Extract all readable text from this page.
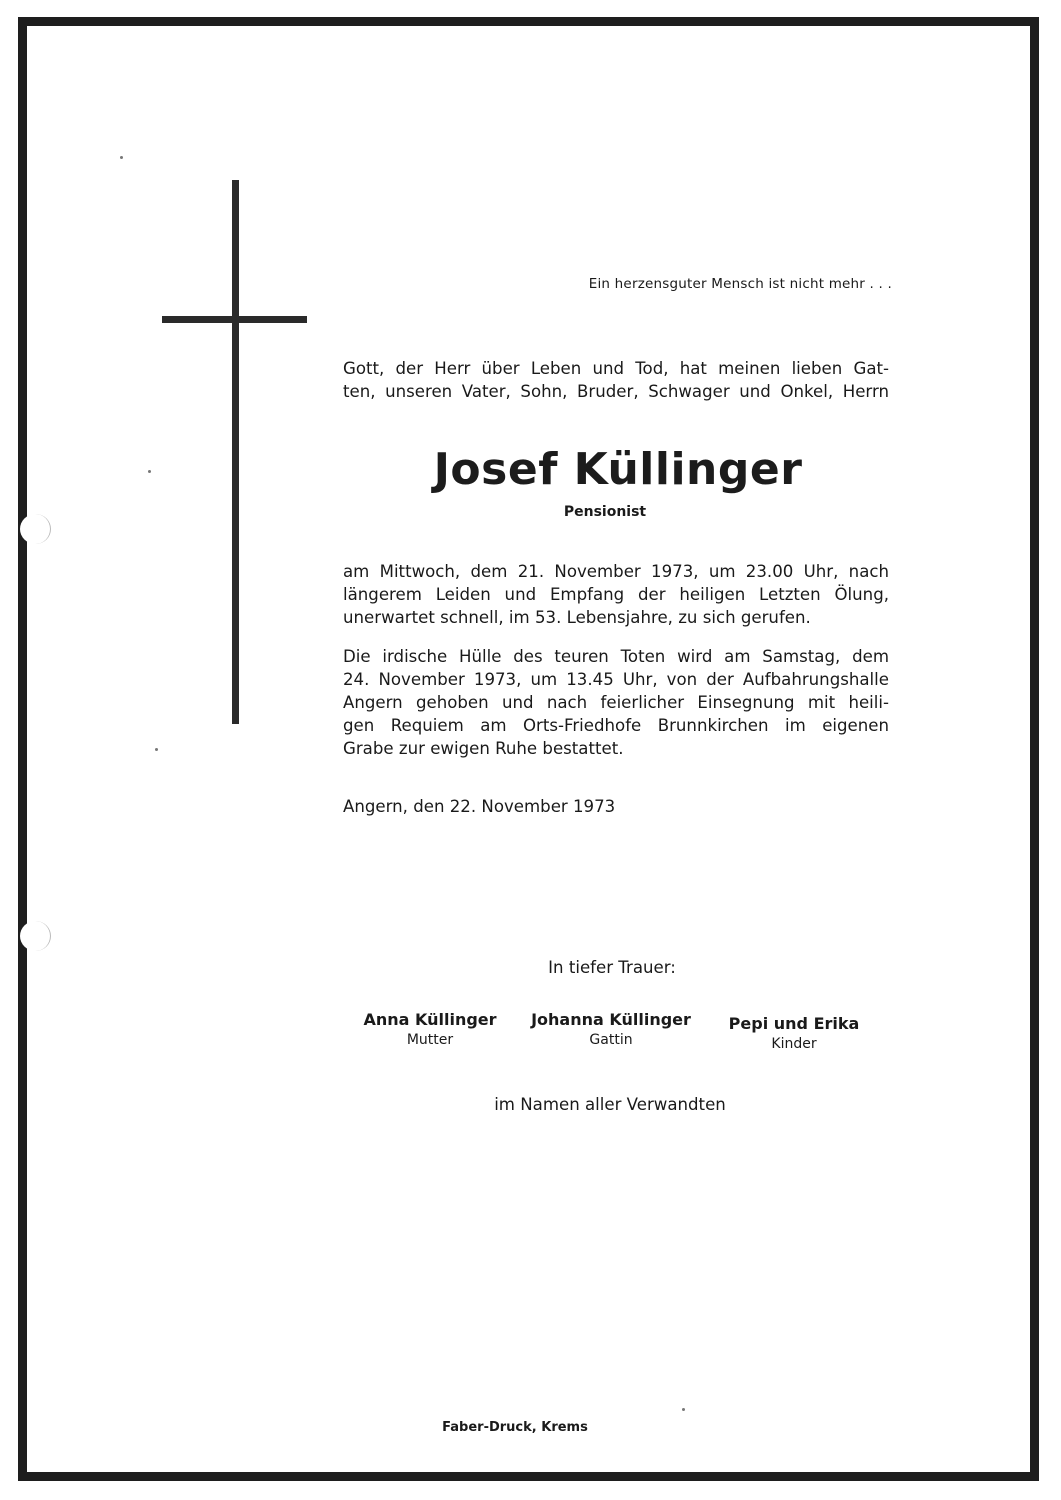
Ein herzensguter Mensch ist nicht mehr . . .

Gott, der Herr über Leben und Tod, hat meinen lieben Gat-

ten, unseren Vater, Sohn, Bruder, Schwager und Onkel, Herrn

Josef Küllinger
Pensionist

am Mittwoch, dem 21. November 1973, um 23.00 Uhr, nach

längerem Leiden und Empfang der heiligen Letzten Ölung,

unerwartet schnell, im 53. Lebensjahre, zu sich gerufen.

Die irdische Hülle des teuren Toten wird am Samstag, dem

24. November 1973, um 13.45 Uhr, von der Aufbahrungshalle

Angern gehoben und nach feierlicher Einsegnung mit heili-

gen Requiem am Orts-Friedhofe Brunnkirchen im eigenen

Grabe zur ewigen Ruhe bestattet.

Angern, den 22. November 1973
In tiefer Trauer:
Anna Küllinger
Mutter
Johanna Küllinger
Gattin
Pepi und Erika
Kinder
im Namen aller Verwandten
Faber-Druck, Krems
